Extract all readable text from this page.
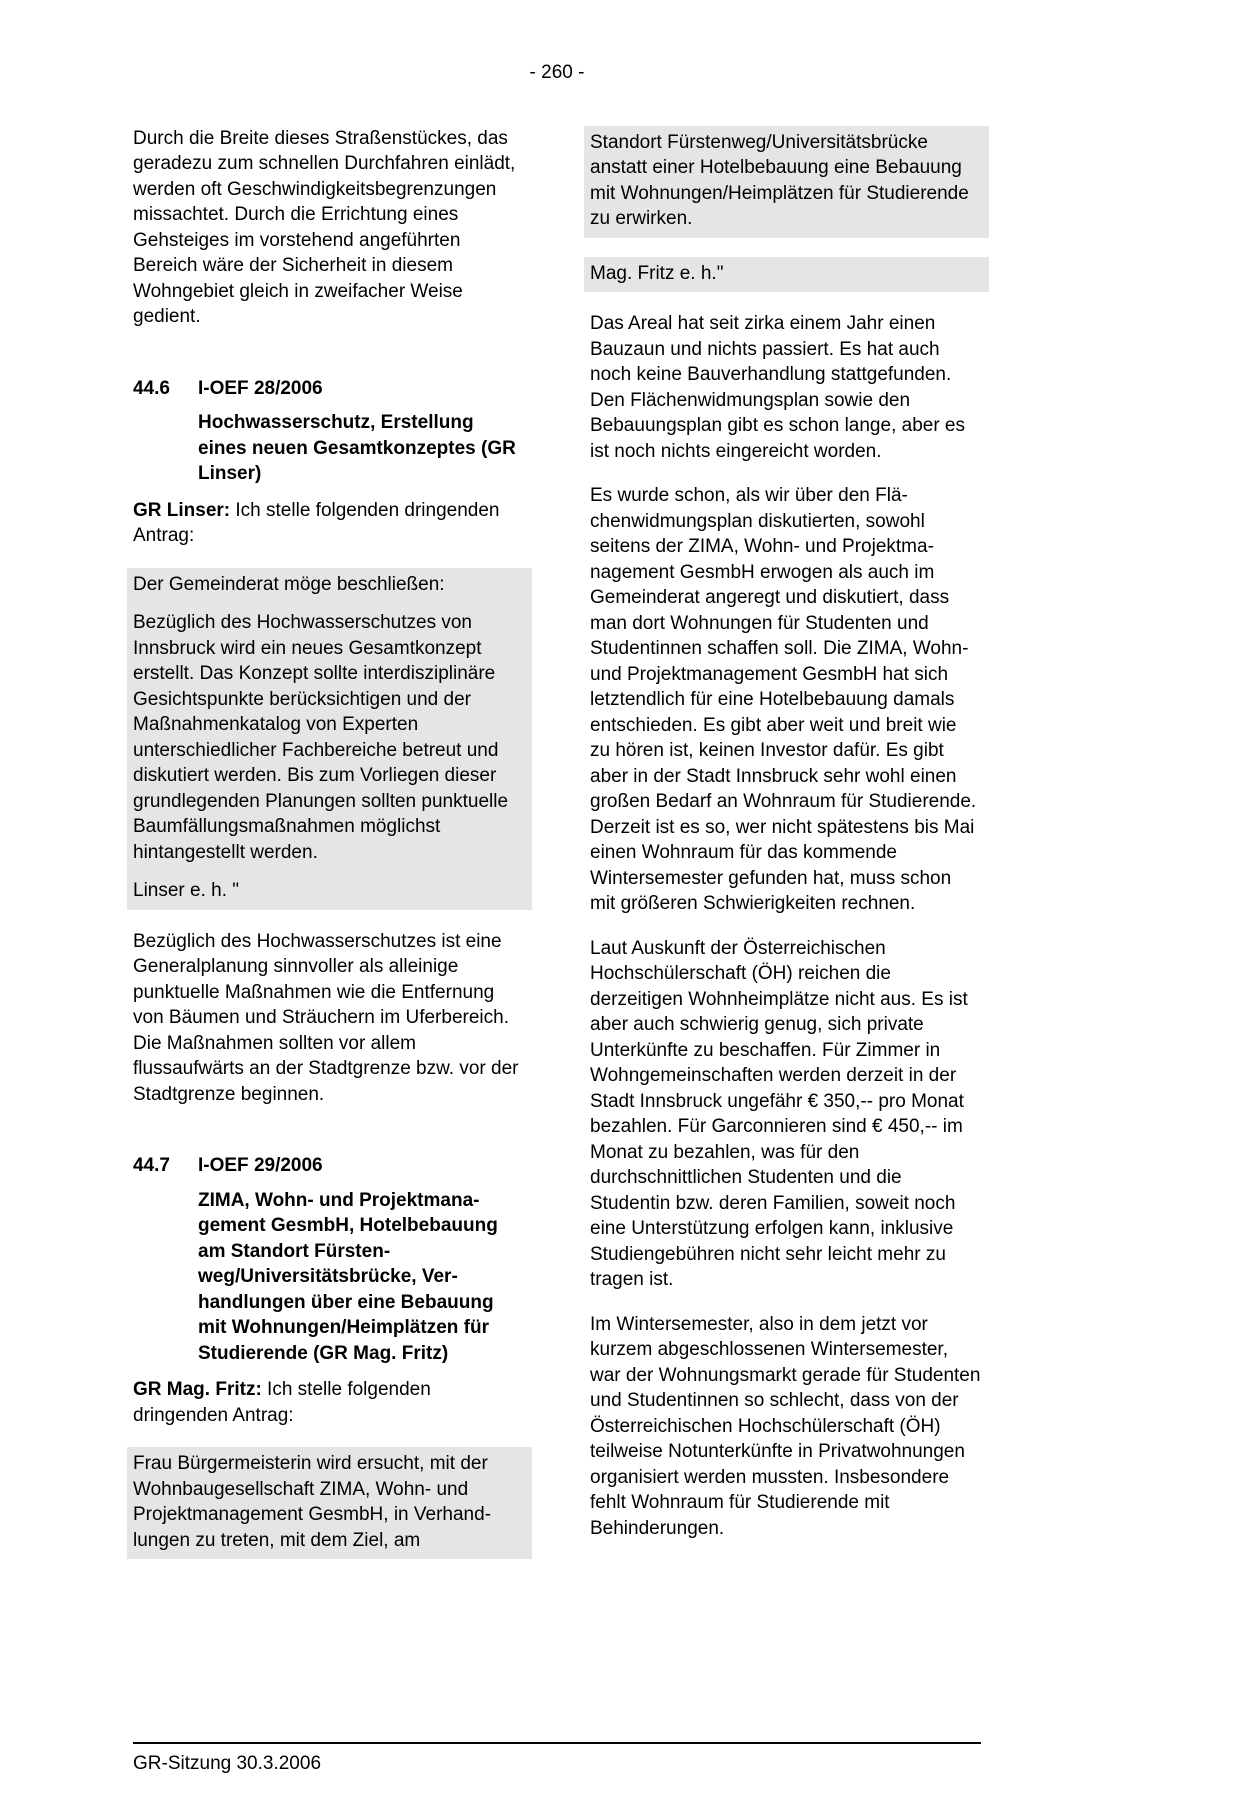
- 260 -

Durch die Breite dieses Straßenstückes, das geradezu zum schnellen Durchfahren einlädt, werden oft Geschwindigkeitsbegrenzungen missachtet. Durch die Errichtung eines Gehsteiges im vorstehend angeführten Bereich wäre der Sicherheit in diesem Wohngebiet gleich in zweifacher Weise gedient.

44.6	I-OEF 28/2006

Hochwasserschutz, Erstellung eines neuen Gesamtkonzeptes (GR Linser)

GR Linser: Ich stelle folgenden dringenden Antrag:

Der Gemeinderat möge beschließen:

Bezüglich des Hochwasserschutzes von Innsbruck wird ein neues Gesamtkonzept erstellt. Das Konzept sollte interdisziplinäre Gesichtspunkte berücksichtigen und der Maßnahmenkatalog von Experten unterschiedlicher Fachbereiche betreut und diskutiert werden. Bis zum Vorliegen dieser grundlegenden Planungen sollten punktuelle Baumfällungsmaßnahmen möglichst hintangestellt werden.

Linser e. h. "

Bezüglich des Hochwasserschutzes ist eine Generalplanung sinnvoller als alleinige punktuelle Maßnahmen wie die Entfernung von Bäumen und Sträuchern im Uferbereich. Die Maßnahmen sollten vor allem flussaufwärts an der Stadtgrenze bzw. vor der Stadtgrenze beginnen.

44.7	I-OEF 29/2006

ZIMA, Wohn- und Projektmanagement GesmbH, Hotelbebauung am Standort Fürstenweg/Universitätsbrücke, Verhandlungen über eine Bebauung mit Wohnungen/Heimplätzen für Studierende (GR Mag. Fritz)

GR Mag. Fritz: Ich stelle folgenden dringenden Antrag:

Frau Bürgermeisterin wird ersucht, mit der Wohnbaugesellschaft ZIMA, Wohn- und Projektmanagement GesmbH, in Verhandlungen zu treten, mit dem Ziel, am

Standort Fürstenweg/Universitätsbrücke anstatt einer Hotelbebauung eine Bebauung mit Wohnungen/Heimplätzen für Studierende zu erwirken.

Mag. Fritz e. h."

Das Areal hat seit zirka einem Jahr einen Bauzaun und nichts passiert. Es hat auch noch keine Bauverhandlung stattgefunden. Den Flächenwidmungsplan sowie den Bebauungsplan gibt es schon lange, aber es ist noch nichts eingereicht worden.

Es wurde schon, als wir über den Flächenwidmungsplan diskutierten, sowohl seitens der ZIMA, Wohn- und Projektmanagement GesmbH erwogen als auch im Gemeinderat angeregt und diskutiert, dass man dort Wohnungen für Studenten und Studentinnen schaffen soll. Die ZIMA, Wohn- und Projektmanagement GesmbH hat sich letztendlich für eine Hotelbebauung damals entschieden. Es gibt aber weit und breit wie zu hören ist, keinen Investor dafür. Es gibt aber in der Stadt Innsbruck sehr wohl einen großen Bedarf an Wohnraum für Studierende. Derzeit ist es so, wer nicht spätestens bis Mai einen Wohnraum für das kommende Wintersemester gefunden hat, muss schon mit größeren Schwierigkeiten rechnen.

Laut Auskunft der Österreichischen Hochschülerschaft (ÖH) reichen die derzeitigen Wohnheimplätze nicht aus. Es ist aber auch schwierig genug, sich private Unterkünfte zu beschaffen. Für Zimmer in Wohngemeinschaften werden derzeit in der Stadt Innsbruck ungefähr € 350,-- pro Monat bezahlen. Für Garconnieren sind € 450,-- im Monat zu bezahlen, was für den durchschnittlichen Studenten und die Studentin bzw. deren Familien, soweit noch eine Unterstützung erfolgen kann, inklusive Studiengebühren nicht sehr leicht mehr zu tragen ist.

Im Wintersemester, also in dem jetzt vor kurzem abgeschlossenen Wintersemester, war der Wohnungsmarkt gerade für Studenten und Studentinnen so schlecht, dass von der Österreichischen Hochschülerschaft (ÖH) teilweise Notunterkünfte in Privatwohnungen organisiert werden mussten. Insbesondere fehlt Wohnraum für Studierende mit Behinderungen.

GR-Sitzung 30.3.2006
